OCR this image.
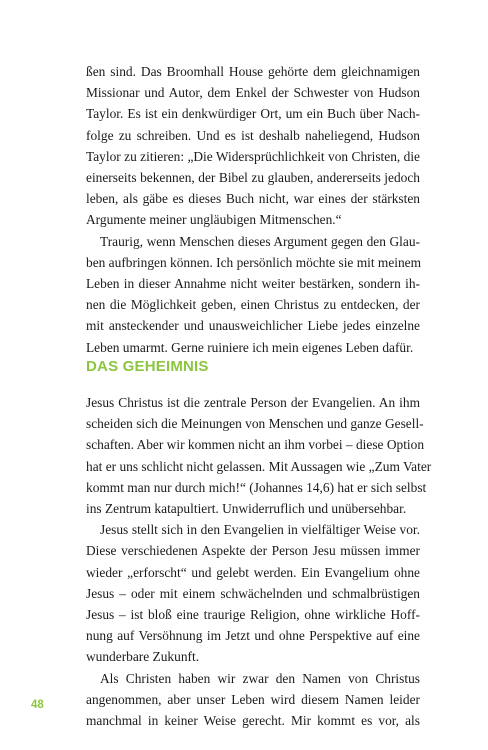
ßen sind. Das Broomhall House gehörte dem gleichnamigen
Missionar und Autor, dem Enkel der Schwester von Hudson
Taylor. Es ist ein denkwürdiger Ort, um ein Buch über Nach-
folge zu schreiben. Und es ist deshalb naheliegend, Hudson
Taylor zu zitieren: „Die Widersprüchlichkeit von Christen, die
einerseits bekennen, der Bibel zu glauben, andererseits jedoch
leben, als gäbe es dieses Buch nicht, war eines der stärksten
Argumente meiner ungläubigen Mitmenschen.“

Traurig, wenn Menschen dieses Argument gegen den Glau-
ben aufbringen können. Ich persönlich möchte sie mit meinem
Leben in dieser Annahme nicht weiter bestärken, sondern ih-
nen die Möglichkeit geben, einen Christus zu entdecken, der
mit ansteckender und unausweichlicher Liebe jedes einzelne
Leben umarmt. Gerne ruiniere ich mein eigenes Leben dafür.

DAS GEHEIMNIS

Jesus Christus ist die zentrale Person der Evangelien. An ihm
scheiden sich die Meinungen von Menschen und ganze Gesell-
schaften. Aber wir kommen nicht an ihm vorbei – diese Option
hat er uns schlicht nicht gelassen. Mit Aussagen wie „Zum Vater
kommt man nur durch mich!“ (Johannes 14,6) hat er sich selbst
ins Zentrum katapultiert. Unwiderruflich und unübersehbar.

Jesus stellt sich in den Evangelien in vielfältiger Weise vor.
Diese verschiedenen Aspekte der Person Jesu müssen immer
wieder „erforscht“ und gelebt werden. Ein Evangelium ohne
Jesus – oder mit einem schwächelnden und schmalbrüstigen
Jesus – ist bloß eine traurige Religion, ohne wirkliche Hoff-
nung auf Versöhnung im Jetzt und ohne Perspektive auf eine
wunderbare Zukunft.

Als Christen haben wir zwar den Namen von Christus
angenommen, aber unser Leben wird diesem Namen leider
manchmal in keiner Weise gerecht. Mir kommt es vor, als

48
